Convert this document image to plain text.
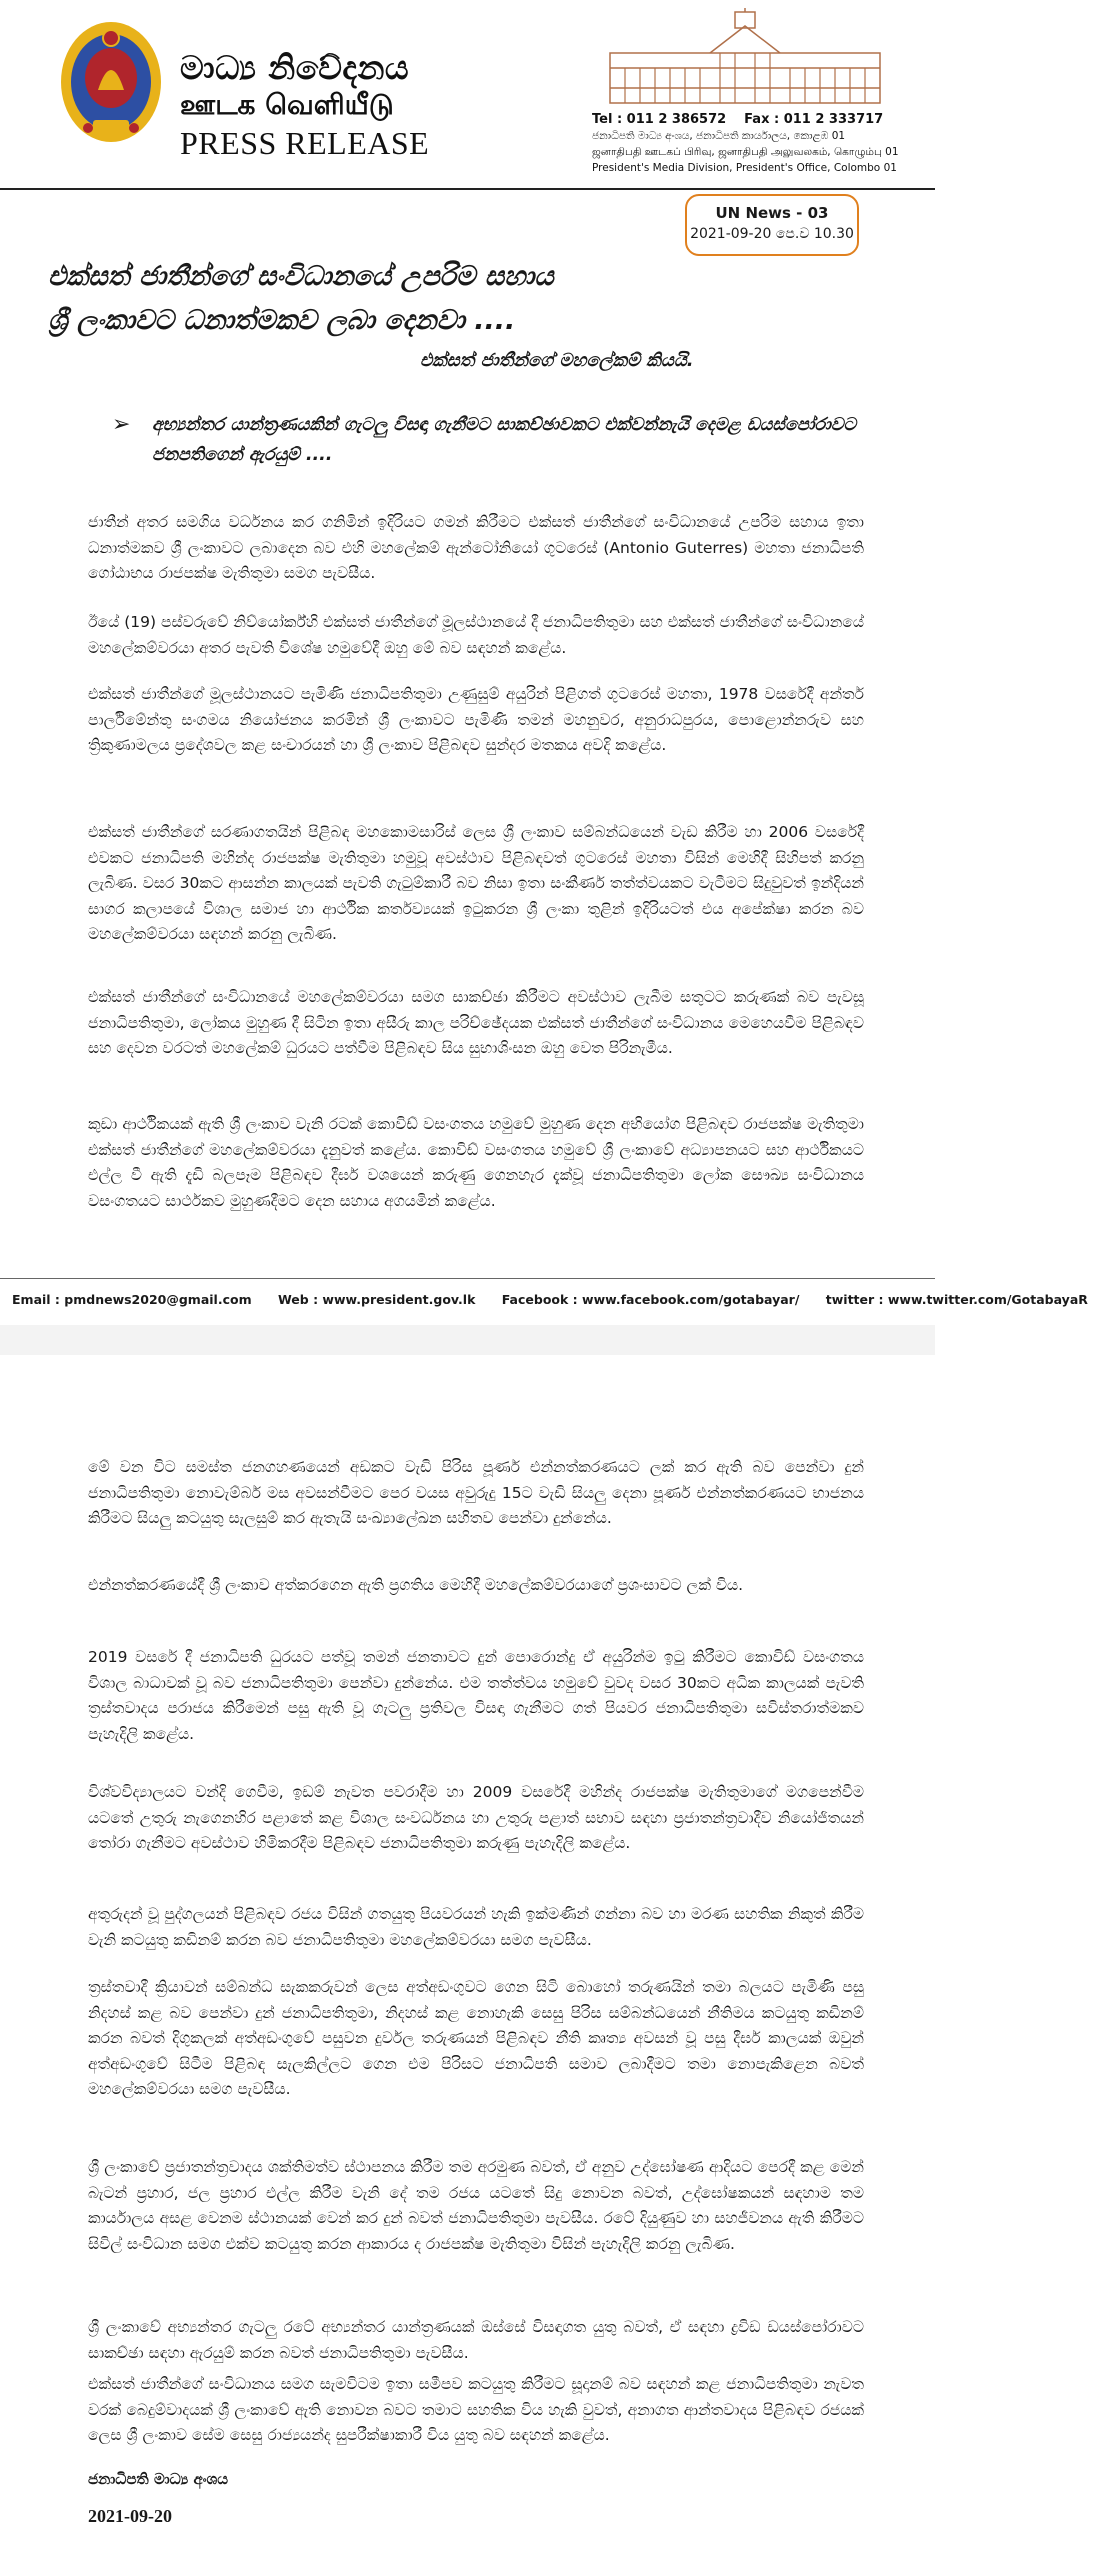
මාධ්‍ය නිවේදනය
ஊடக வெளியீடு
PRESS RELEASE
Tel : 011 2 386572 Fax : 011 2 333717
ජනාධිපති මාධ්‍ය අංශය, ජනාධිපති කාර්යාලය, කොළඹ 01
ஜனாதிபதி ஊடகப் பிரிவு, ஜனாதிபதி அலுவலகம், கொழும்பு 01
President's Media Division, President's Office, Colombo 01
UN News - 03
2021-09-20 පෙ.ව 10.30
එක්සත් ජාතීන්ගේ සංවිධානයේ උපරිම සහාය
ශ්‍රී ලංකාවට ධනාත්මකව ලබා දෙනවා ....
එක්සත් ජාතීන්ගේ මහලේකම් කියයි.
➢ අභ්‍යන්තර යාන්ත්‍රණයකින් ගැටලු විසඳා ගැනීමට සාකච්ඡාවකට එක්වන්නැයි දෙමළ ඩයස්පෝරාවට ජනපතිගෙන් ඇරයුම් ....
ජාතීන් අතර සමගිය වර්ධනය කර ගනිමින් ඉදිරියට ගමන් කිරීමට එක්සත් ජාතීන්ගේ සංවිධානයේ උපරිම සහාය ඉතා ධනාත්මකව ශ්‍රී ලංකාවට ලබාදෙන බව එහි මහලේකම් ඇන්ටෝනියෝ ගුටරෙස් (Antonio Guterres) මහතා ජනාධිපති ගෝඨාභය රාජපක්ෂ මැතිතුමා සමග පැවසීය.
ඊයේ (19) පස්වරුවේ නිව්යෝර්ක්හි එක්සත් ජාතීන්ගේ මූලස්ථානයේ දී ජනාධිපතිතුමා සහ එක්සත් ජාතීන්ගේ සංවිධානයේ මහලේකම්වරයා අතර පැවති විශේෂ හමුවේදී ඔහු මේ බව සඳහන් කළේය.
එක්සත් ජාතීන්ගේ මූලස්ථානයට පැමිණි ජනාධිපතිතුමා උණුසුම් අයුරින් පිළිගත් ගුටරෙස් මහතා, 1978 වසරේදී අන්තර් පාර්ලිමේන්තු සංගමය නියෝජනය කරමින් ශ්‍රී ලංකාවට පැමිණි තමන් මහනුවර, අනුරාධපුරය, පොළොන්නරුව සහ ත්‍රිකුණාමලය ප්‍රදේශවල කළ සංචාරයන් හා ශ්‍රී ලංකාව පිළිබඳව සුන්දර මතකය අවදි කළේය.
එක්සත් ජාතීන්ගේ සරණාගතයින් පිළිබඳ මහකොමසාරිස් ලෙස ශ්‍රී ලංකාව සම්බන්ධයෙන් වැඩ කිරීම හා 2006 වසරේදී එවකට ජනාධිපති මහින්ද රාජපක්ෂ මැතිතුමා හමුවූ අවස්ථාව පිළිබඳවත් ගුටරෙස් මහතා විසින් මෙහිදී සිහිපත් කරනු ලැබිණ. වසර 30කට ආසන්න කාලයක් පැවති ගැටුම්කාරී බව නිසා ඉතා සංකීර්ණ තත්ත්වයකට වැටීමට සිදුවුවත් ඉන්දියන් සාගර කලාපයේ විශාල සමාජ හා ආර්ථික කර්තව්‍යයක් ඉටුකරන ශ්‍රී ලංකා තුළින් ඉදිරියටත් එය අපේක්ෂා කරන බව මහලේකම්වරයා සඳහන් කරනු ලැබිණ.
එක්සත් ජාතීන්ගේ සංවිධානයේ මහලේකම්වරයා සමග සාකච්ඡා කිරීමට අවස්ථාව ලැබීම සතුටට කරුණක් බව පැවසූ ජනාධිපතිතුමා, ලෝකය මුහුණ දී සිටින ඉතා අසීරු කාල පරිච්ඡේදයක එක්සත් ජාතීන්ගේ සංවිධානය මෙහෙයවීම පිළිබඳව සහ දෙවන වරටත් මහලේකම් ධුරයට පත්වීම පිළිබඳව සිය සුභාශිංසන ඔහු වෙත පිරිනැමීය.
කුඩා ආර්ථිකයක් ඇති ශ්‍රී ලංකාව වැනි රටක් කොවිඩ් වසංගතය හමුවේ මුහුණ දෙන අභියෝග පිළිබඳව රාජපක්ෂ මැතිතුමා එක්සත් ජාතීන්ගේ මහලේකම්වරයා දැනුවත් කළේය. කොවිඩ් වසංගතය හමුවේ ශ්‍රී ලංකාවේ අධ්‍යාපනයට සහ ආර්ථිකයට එල්ල වී ඇති දැඩි බලපෑම පිළිබඳව දීර්ඝ වශයෙන් කරුණු ගෙනහැර දැක්වූ ජනාධිපතිතුමා ලෝක සෞඛ්‍ය සංවිධානය වසංගතයට සාර්ථකව මුහුණදීමට දෙන සහාය අගයමින් කළේය.
Email : pmdnews2020@gmail.com Web : www.president.gov.lk Facebook : www.facebook.com/gotabayar/ twitter : www.twitter.com/GotabayaR
මේ වන විට සමස්ත ජනගහණයෙන් අඩකට වැඩි පිරිස පූර්ණ එන්නත්කරණයට ලක් කර ඇති බව පෙන්වා දුන් ජනාධිපතිතුමා නොවැම්බර් මස අවසන්වීමට පෙර වයස අවුරුදු 15ට වැඩි සියලු දෙනා පූර්ණ එන්නත්කරණයට භාජනය කිරීමට සියලු කටයුතු සැලසුම් කර ඇතැයි සංඛ්‍යාලේඛන සහිතව පෙන්වා දුන්නේය.
එන්නත්කරණයේදී ශ්‍රී ලංකාව අත්කරගෙන ඇති ප්‍රගතිය මෙහිදී මහලේකම්වරයාගේ ප්‍රශංසාවට ලක් විය.
2019 වසරේ දී ජනාධිපති ධුරයට පත්වූ තමන් ජනතාවට දුන් පොරොන්දු ඒ අයුරින්ම ඉටු කිරීමට කොවිඩ් වසංගතය විශාල බාධාවක් වූ බව ජනාධිපතිතුමා පෙන්වා දුන්නේය. එම තත්ත්වය හමුවේ වුවද වසර 30කට අධික කාලයක් පැවති ත්‍රස්තවාදය පරාජය කිරීමෙන් පසු ඇති වූ ගැටලු ප්‍රතිවල විසඳා ගැනීමට ගත් පියවර ජනාධිපතිතුමා සවිස්තරාත්මකව පැහැදිලි කළේය.
විශ්වවිද්‍යාලයට වන්දි ගෙවීම, ඉඩම් නැවත පවරාදීම හා 2009 වසරේදී මහින්ද රාජපක්ෂ මැතිතුමාගේ මගපෙන්වීම යටතේ උතුරු නැගෙනහිර පළාතේ කළ විශාල සංවර්ධනය හා උතුරු පළාත් සභාව සඳහා ප්‍රජාතන්ත්‍රවාදීව නියෝජිතයන් තෝරා ගැනීමට අවස්ථාව හිමිකරදීම පිළිබඳව ජනාධිපතිතුමා කරුණු පැහැදිලි කළේය.
අතුරුදන් වූ පුද්ගලයන් පිළිබඳව රජය විසින් ගතයුතු පියවරයන් හැකි ඉක්මණින් ගන්නා බව හා මරණ සහතික නිකුත් කිරීම වැනි කටයුතු කඩිනම් කරන බව ජනාධිපතිතුමා මහලේකම්වරයා සමග පැවසීය.
ත්‍රස්තවාදී ක්‍රියාවන් සම්බන්ධ සැකකරුවන් ලෙස අත්අඩංගුවට ගෙන සිටි බොහෝ තරුණයින් තමා බලයට පැමිණි පසු නිදහස් කළ බව පෙන්වා දුන් ජනාධිපතිතුමා, නිදහස් කළ නොහැකි සෙසු පිරිස සම්බන්ධයෙන් නීතිමය කටයුතු කඩිනම් කරන බවත් දිගුකලක් අත්අඩංගුවේ පසුවන දුර්වල තරුණයන් පිළිබඳව නීති කෘත්‍ය අවසන් වූ පසු දීර්ඝ කාලයක් ඔවුන් අත්අඩංගුවේ සිටීම පිළිබඳ සැලකිල්ලට ගෙන එම පිරිසට ජනාධිපති සමාව ලබාදීමට තමා නොපැකිළෙන බවත් මහලේකම්වරයා සමග පැවසීය.
ශ්‍රී ලංකාවේ ප්‍රජාතන්ත්‍රවාදය ශක්තිමත්ව ස්ථාපනය කිරීම තම අරමුණ බවත්, ඒ අනුව උද්ඝෝෂණ ආදියට පෙරදී කළ මෙන් බැටන් ප්‍රහාර, ජල ප්‍රහාර එල්ල කිරීම වැනි දේ තම රජය යටතේ සිදු නොවන බවත්, උද්ඝෝෂකයන් සඳහාම තම කාර්යාලය අසළ වෙනම ස්ථානයක් වෙන් කර දුන් බවත් ජනාධිපතිතුමා පැවසීය. රටේ දියුණුව හා සහජීවනය ඇති කිරීමට සිවිල් සංවිධාන සමග එක්ව කටයුතු කරන ආකාරය ද රාජපක්ෂ මැතිතුමා විසින් පැහැදිලි කරනු ලැබිණ.
ශ්‍රී ලංකාවේ අභ්‍යන්තර ගැටලු රටේ අභ්‍යන්තර යාන්ත්‍රණයක් ඔස්සේ විසඳාගත යුතු බවත්, ඒ සඳහා ද්‍රවිඩ ඩයස්පෝරාවට සාකච්ඡා සඳහා ඇරයුම් කරන බවත් ජනාධිපතිතුමා පැවසීය.
එක්සත් ජාතීන්ගේ සංවිධානය සමග සැමවිටම ඉතා සමීපව කටයුතු කිරීමට සූදානම් බව සඳහන් කළ ජනාධිපතිතුමා නැවත වරක් බෙදුම්වාදයක් ශ්‍රී ලංකාවේ ඇති නොවන බවට තමාට සහතික විය හැකි වුවත්, අනාගත ආන්තවාදය පිළිබඳව රජයක් ලෙස ශ්‍රී ලංකාව සේම සෙසු රාජ්‍යයන්ද සුපරීක්ෂාකාරී විය යුතු බව සඳහන් කළේය.
ජනාධිපති මාධ්‍ය අංශය
2021-09-20
